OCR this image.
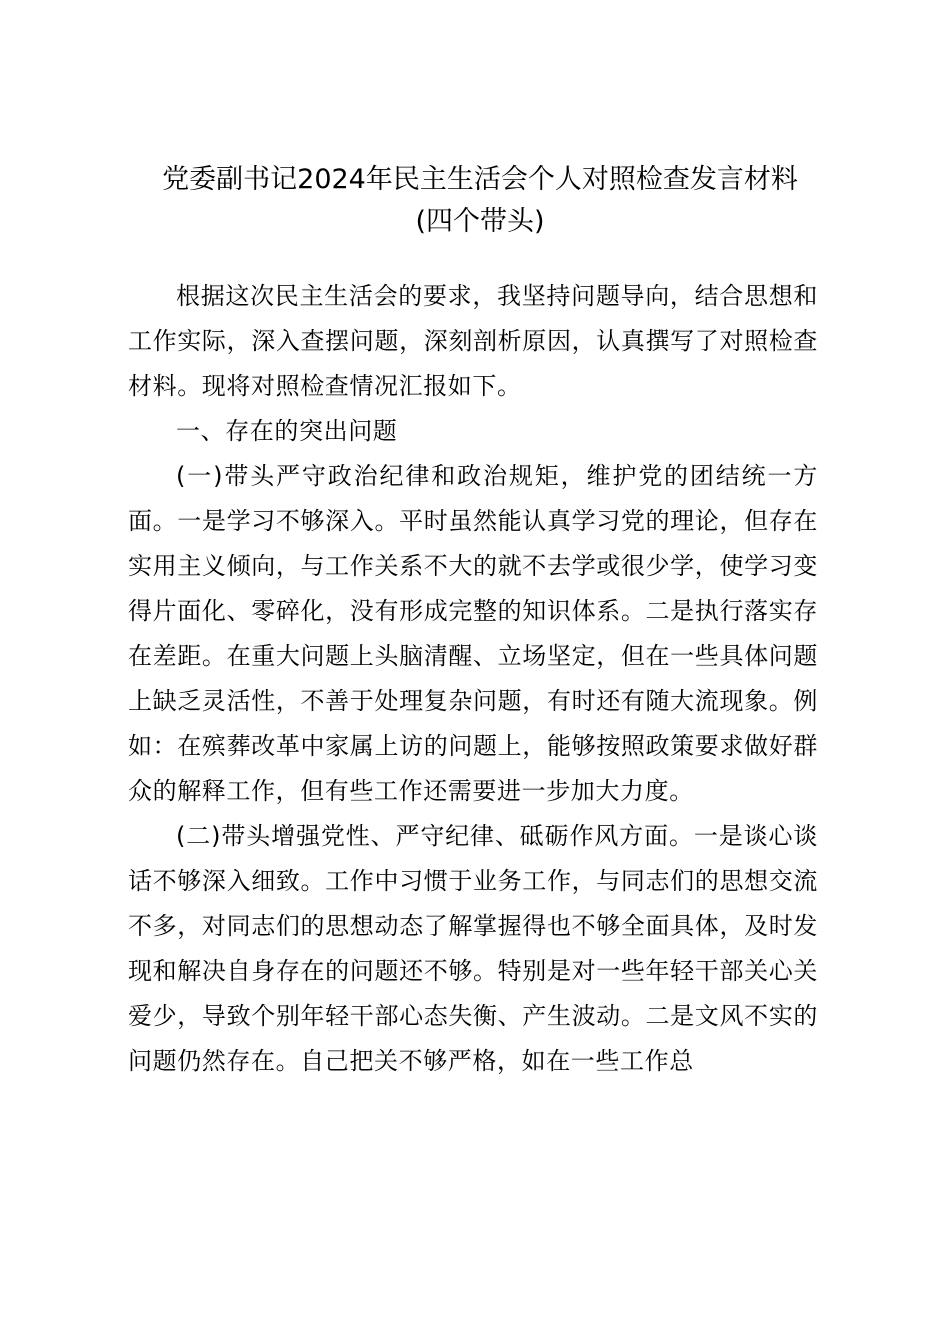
党委副书记2024年民主生活会个人对照检查发言材料
(四个带头)

根据这次民主生活会的要求，我坚持问题导向，结合思想和工作实际，深入查摆问题，深刻剖析原因，认真撰写了对照检查材料。现将对照检查情况汇报如下。

一、存在的突出问题

(一)带头严守政治纪律和政治规矩，维护党的团结统一方面。一是学习不够深入。平时虽然能认真学习党的理论，但存在实用主义倾向，与工作关系不大的就不去学或很少学，使学习变得片面化、零碎化，没有形成完整的知识体系。二是执行落实存在差距。在重大问题上头脑清醒、立场坚定，但在一些具体问题上缺乏灵活性，不善于处理复杂问题，有时还有随大流现象。例如：在殡葬改革中家属上访的问题上，能够按照政策要求做好群众的解释工作，但有些工作还需要进一步加大力度。

(二)带头增强党性、严守纪律、砥砺作风方面。一是谈心谈话不够深入细致。工作中习惯于业务工作，与同志们的思想交流不多，对同志们的思想动态了解掌握得也不够全面具体，及时发现和解决自身存在的问题还不够。特别是对一些年轻干部关心关爱少，导致个别年轻干部心态失衡、产生波动。二是文风不实的问题仍然存在。自己把关不够严格，如在一些工作总
